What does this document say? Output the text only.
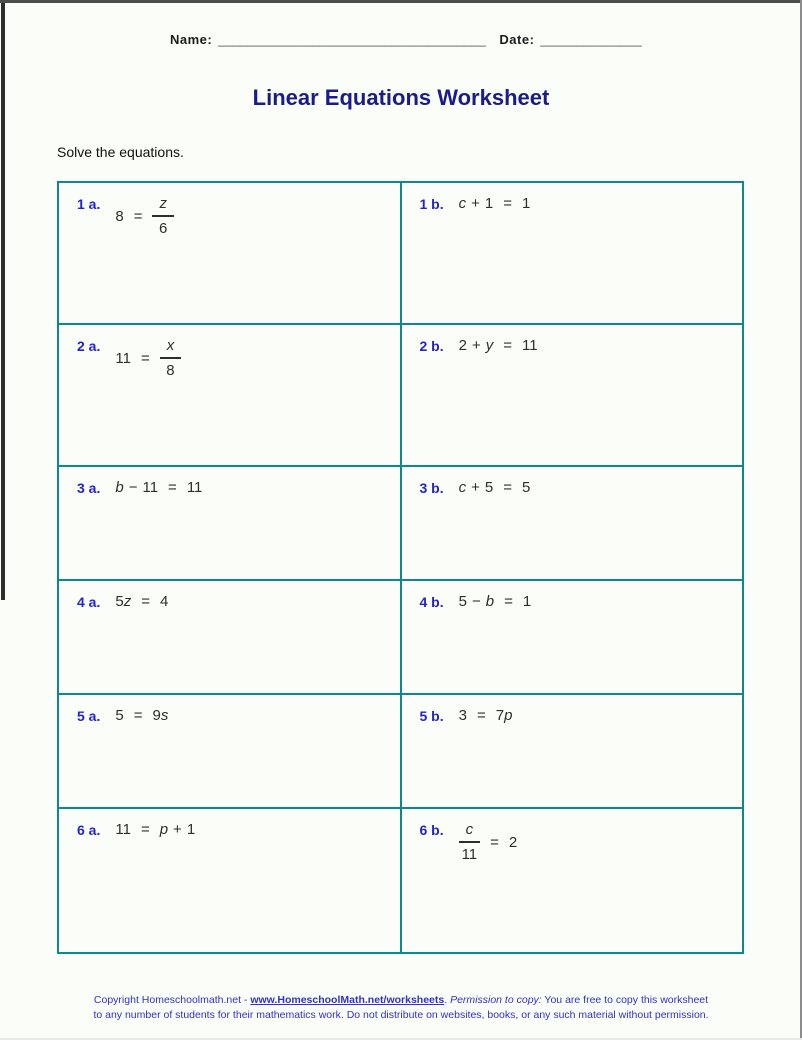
Name: _____________________________________ Date: ______________
Linear Equations Worksheet
Solve the equations.
1 a.
$8 = \frac{z}{6}$	1 b. c + 1 = 1

2 a.
$11 = \frac{x}{8}$	2 b. 2 + y = 11

3 a. b − 11 = 11	3 b. c + 5 = 5

4 a. 5 z = 4	4 b. 5 − b = 1

5 a. 5 = 9 s	5 b. 3 = 7 p

6 a. 11 = p + 1	6 b. $\frac{c}{11} = 2$
Copyright Homeschoolmath.net - www.HomeschoolMath.net/worksheets. Permission to copy: You are free to copy this worksheet to any number of students for their mathematics work. Do not distribute on websites, books, or any such material without permission.
